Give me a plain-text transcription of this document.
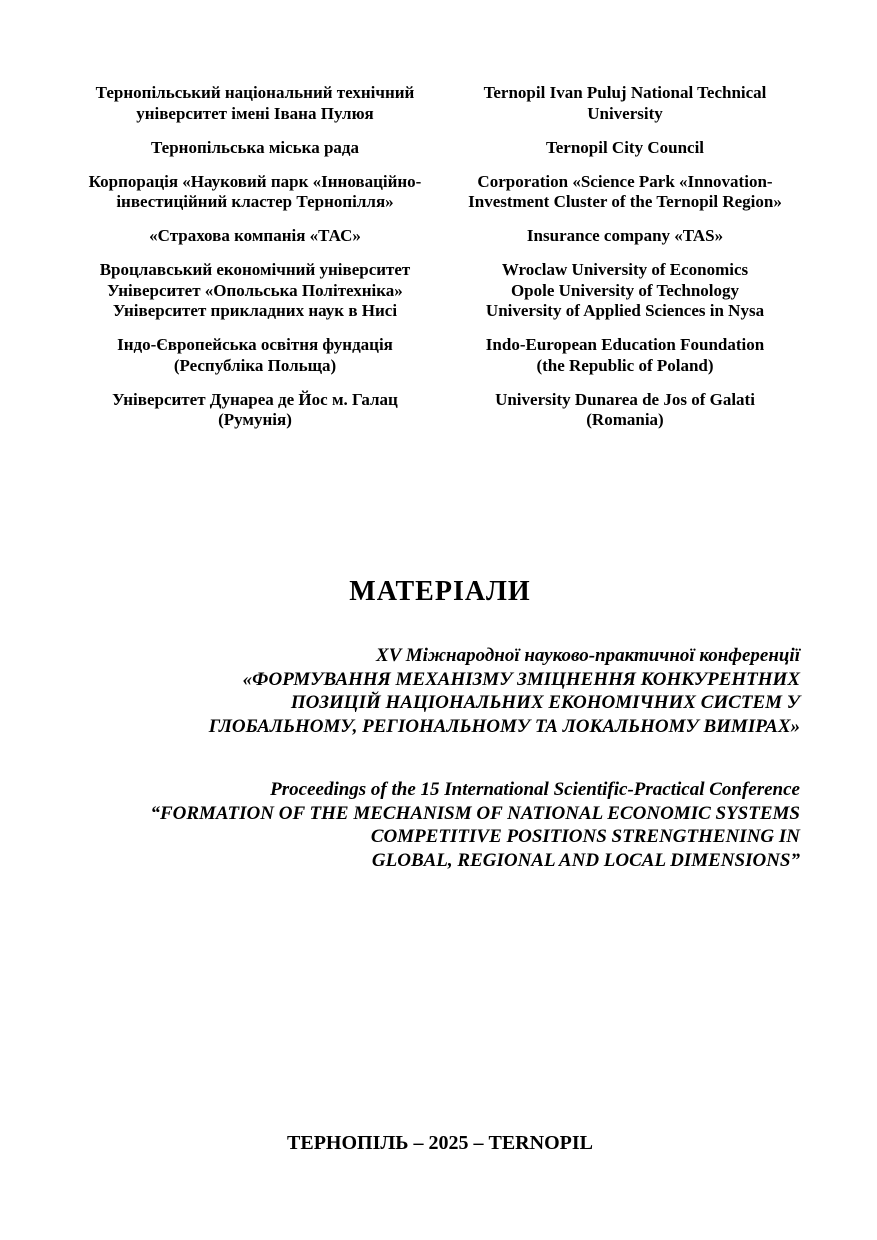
Тернопільський національний технічний
університет імені Івана Пулюя
Тернопільська міська рада
Корпорація «Науковий парк «Інноваційно-
інвестиційний кластер Тернопілля»
«Страхова компанія «ТАС»
Вроцлавський економічний університет
Університет «Опольська Політехніка»
Університет прикладних наук в Нисі
Індо-Європейська освітня фундація
(Республіка Польща)
Університет Дунареа де Йос м. Галац
(Румунія)
Ternopil Ivan Puluj National Technical
University
Ternopil City Council
Corporation «Science Park «Innovation-
Investment Cluster of the Ternopil Region»
Insurance company «TAS»
Wroclaw University of Economics
Opole University of Technology
University of Applied Sciences in Nysa
Indo-European Education Foundation
(the Republic of Poland)
University Dunarea de Jos of Galati
(Romania)
МАТЕРІАЛИ
XV Міжнародної науково-практичної конференції
«ФОРМУВАННЯ МЕХАНІЗМУ ЗМІЦНЕННЯ КОНКУРЕНТНИХ
ПОЗИЦІЙ НАЦІОНАЛЬНИХ ЕКОНОМІЧНИХ СИСТЕМ У
ГЛОБАЛЬНОМУ, РЕГІОНАЛЬНОМУ ТА ЛОКАЛЬНОМУ ВИМІРАХ»
Proceedings of the 15 International Scientific-Practical Conference
“FORMATION OF THE MECHANISM OF NATIONAL ECONOMIC SYSTEMS
COMPETITIVE POSITIONS STRENGTHENING IN
GLOBAL, REGIONAL AND LOCAL DIMENSIONS”
ТЕРНОПІЛЬ – 2025 – TERNOPIL
